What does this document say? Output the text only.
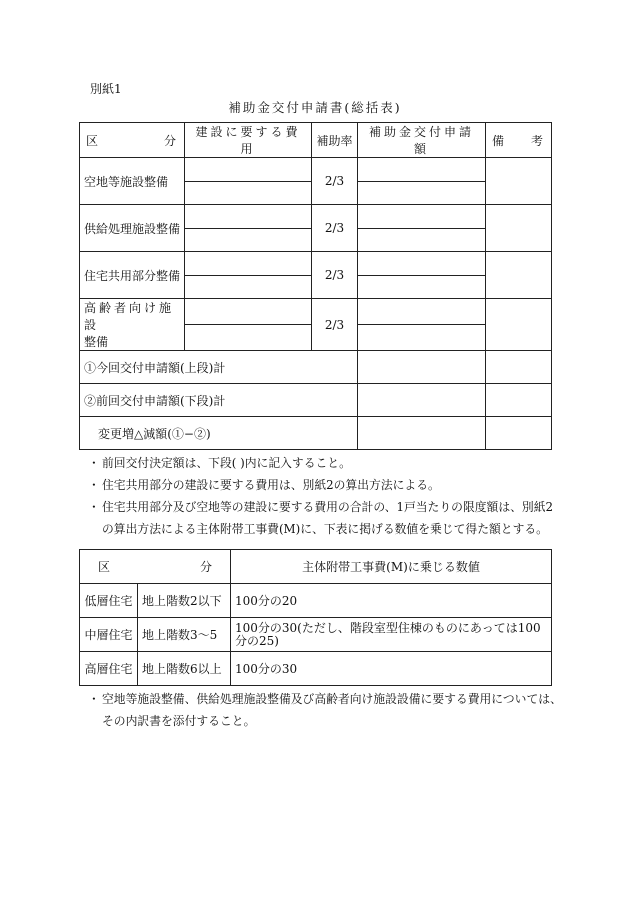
別紙1
補助金交付申請書(総括表)
区 分	建設に要する費用	補助率	補助金交付申請額	備 考

空地等施設整備		2/3	

供給処理施設整備		2/3	

住宅共用部分整備		2/3	

高齢者向け施設
整備		2/3	

①今回交付申請額(上段)計				
②前回交付申請額(下段)計				
変更増△減額(①−②)				
・ 前回交付決定額は、下段( )内に記入すること。
・ 住宅共用部分の建設に要する費用は、別紙2の算出方法による。
・ 住宅共用部分及び空地等の建設に要する費用の合計の、1戸当たりの限度額は、別紙2
の算出方法による主体附帯工事費(M)に、下表に掲げる数値を乗じて得た額とする。
区 分		主体附帯工事費(M)に乗じる数値
低層住宅	地上階数2以下	100分の20
中層住宅	地上階数3〜5	100分の30(ただし、階段室型住棟のものにあっては100分の25)
高層住宅	地上階数6以上	100分の30
・ 空地等施設整備、供給処理施設整備及び高齢者向け施設設備に要する費用については、
その内訳書を添付すること。
